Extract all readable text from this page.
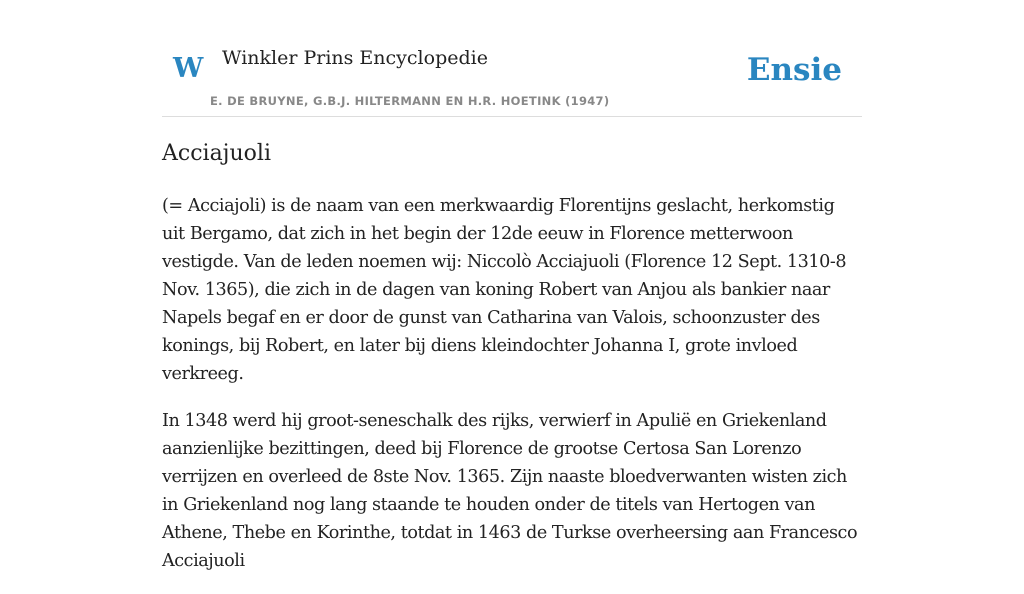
W Winkler Prins Encyclopedie
E. DE BRUYNE, G.B.J. HILTERMANN EN H.R. HOETINK (1947)
Ensie
Acciajuoli

(= Acciajoli) is de naam van een merkwaardig Florentijns geslacht, herkomstig uit Bergamo, dat zich in het begin der 12de eeuw in Florence metterwoon vestigde. Van de leden noemen wij: Niccolò Acciajuoli (Florence 12 Sept. 1310-8 Nov. 1365), die zich in de dagen van koning Robert van Anjou als bankier naar Napels begaf en er door de gunst van Catharina van Valois, schoonzuster des konings, bij Robert, en later bij diens kleindochter Johanna I, grote invloed verkreeg.

In 1348 werd hij groot-seneschalk des rijks, verwierf in Apulië en Griekenland aanzienlijke bezittingen, deed bij Florence de grootse Certosa San Lorenzo verrijzen en overleed de 8ste Nov. 1365. Zijn naaste bloedverwanten wisten zich in Griekenland nog lang staande te houden onder de titels van Hertogen van Athene, Thebe en Korinthe, totdat in 1463 de Turkse overheersing aan Francesco Acciajuoli
